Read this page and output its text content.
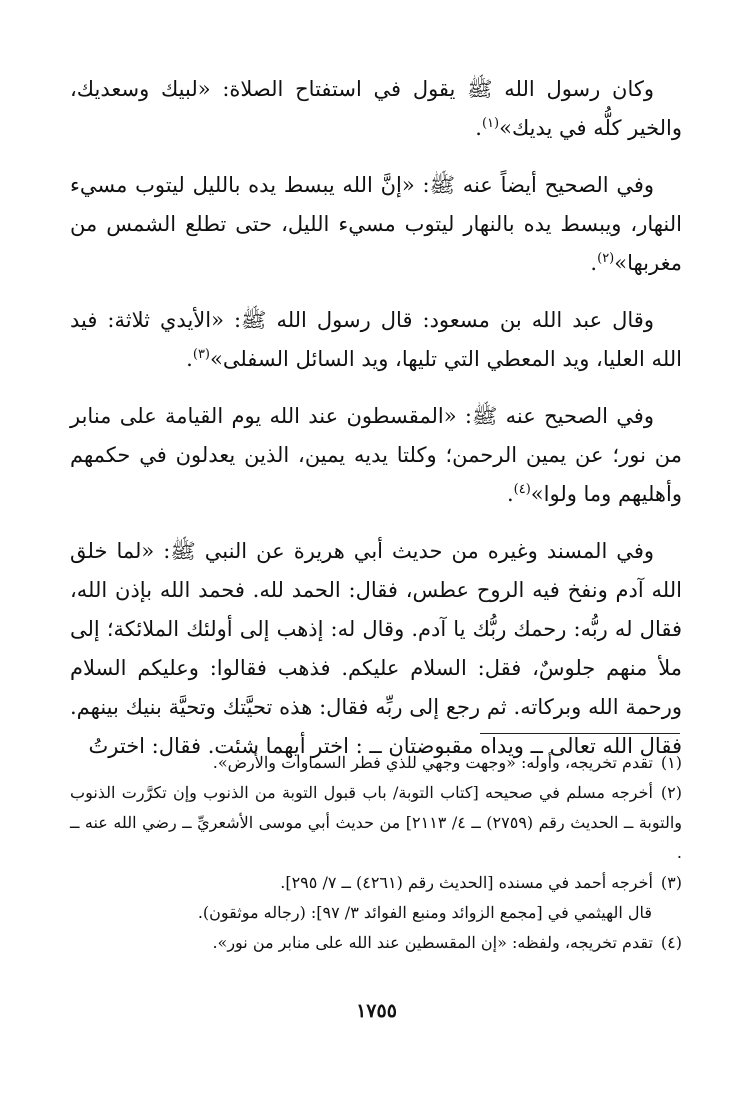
وكان رسول الله ﷺ يقول في استفتاح الصلاة: «لبيك وسعديك، والخير كلُّه في يديك»$^{(١)}$.

وفي الصحيح أيضاً عنه ﷺ: «إنَّ الله يبسط يده بالليل ليتوب مسيء النهار، ويبسط يده بالنهار ليتوب مسيء الليل، حتى تطلع الشمس من مغربها»$^{(٢)}$.

وقال عبد الله بن مسعود: قال رسول الله ﷺ: «الأيدي ثلاثة: فيد الله العليا، ويد المعطي التي تليها، ويد السائل السفلى»$^{(٣)}$.

وفي الصحيح عنه ﷺ: «المقسطون عند الله يوم القيامة على منابر من نور؛ عن يمين الرحمن؛ وكلتا يديه يمين، الذين يعدلون في حكمهم وأهليهم وما ولوا»$^{(٤)}$.

وفي المسند وغيره من حديث أبي هريرة عن النبي ﷺ: «لما خلق الله آدم ونفخ فيه الروح عطس، فقال: الحمد لله. فحمد الله بإذن الله، فقال له ربُّه: رحمك ربُّك يا آدم. وقال له: إذهب إلى أولئك الملائكة؛ إلى ملأ منهم جلوسٌ، فقل: السلام عليكم. فذهب فقالوا: وعليكم السلام ورحمة الله وبركاته. ثم رجع إلى ربِّه فقال: هذه تحيَّتك وتحيَّة بنيك بينهم. فقال الله تعالى ــ ويداه مقبوضتان ــ : اختر أيهما شئت. فقال: اخترتُ

(١)تقدم تخريجه، وأوله: «وجهت وجهي للذي فطر السماوات والأرض».

(٢)أخرجه مسلم في صحيحه [كتاب التوبة/ باب قبول التوبة من الذنوب وإن تكرَّرت الذنوب والتوبة ــ الحديث رقم (٢٧٥٩) ــ ٤/ ٢١١٣] من حديث أبي موسى الأشعريِّ ــ رضي الله عنه ــ .

(٣)أخرجه أحمد في مسنده [الحديث رقم (٤٢٦١) ــ ٧/ ٢٩٥].

قال الهيثمي في [مجمع الزوائد ومنبع الفوائد ٣/ ٩٧]: (رجاله موثقون).

(٤)تقدم تخريجه، ولفظه: «إن المقسطين عند الله على منابر من نور».

١٧٥٥
